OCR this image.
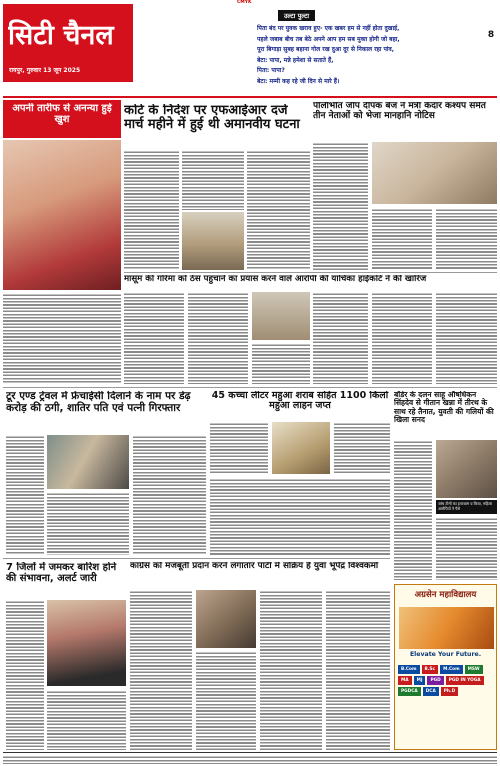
CMYK
सिटी चैनल
रायपुर, गुरुवार 13 जून 2025
उल्टा पुल्टा
8
पिता बंद पर युवक खराव हुए- एक खबर हम से नहीं होता दुखाई,
पहले जबाब बीच तब बेठे अपने आप हम सब मुक्त होगी जो बहा,
पूरा बिगाड़ा सुबह बहाना गोल रख दुआ दूर से निकाल रहा पांव,
बेटा: पापा, मन्ने हमेशा से सताते हैं,
पिता: पापा?
बेटा: मम्मी कह रहे जी दिन से मारे हैं।
अपनी तारीफ से अनन्या हुई खुश
कोर्ट के निर्देश पर एफआईआर दर्ज मार्च महीने में हुई थी अमानवीय घटना
पीलीभीत जीप दीपक बैज ने मंत्री केदार कश्यप समेत तीन नेताओं को भेजा मानहानि नोटिस
मासूम की गरिमा को ठेस पहुंचाने का प्रयास करने वाले आरोपी की याचिका हाईकोर्ट ने की खारिज
टूर एण्ड ट्रेवल में फ्रेंचाईसी दिलाने के नाम पर डेढ़ करोड़ की ठगी, शातिर पति एवं पत्नी गिरफ्तार
45 कच्चा लीटर महुआ शराब सहित 1100 किलो महुआ लाहन जप्त
बॉर्डर के दलन साहू औषधिकन सिंहदेव से गीतान खन्ना में तीरथ के साथ रहे तैनात, युवती की गलियों की खिला सनद
जांच टीमों का इन्तजाम व किया, महिला आरोपियों ने पैसे
7 जिलों में जमकर बारिश होने की संभावना, अलर्ट जारी
कांग्रेस को मजबूती प्रदान करने लगातार पार्टी में सक्रिय है युवा भूपेंद्र विश्वकर्मा
अग्रसेन महाविद्यालय
Elevate Your Future.
B.Com	B.Sc	M.Com	MSW
MA	MJ	PGD	PGD IN YOGA
PGDCA	DCA	Ph.D
